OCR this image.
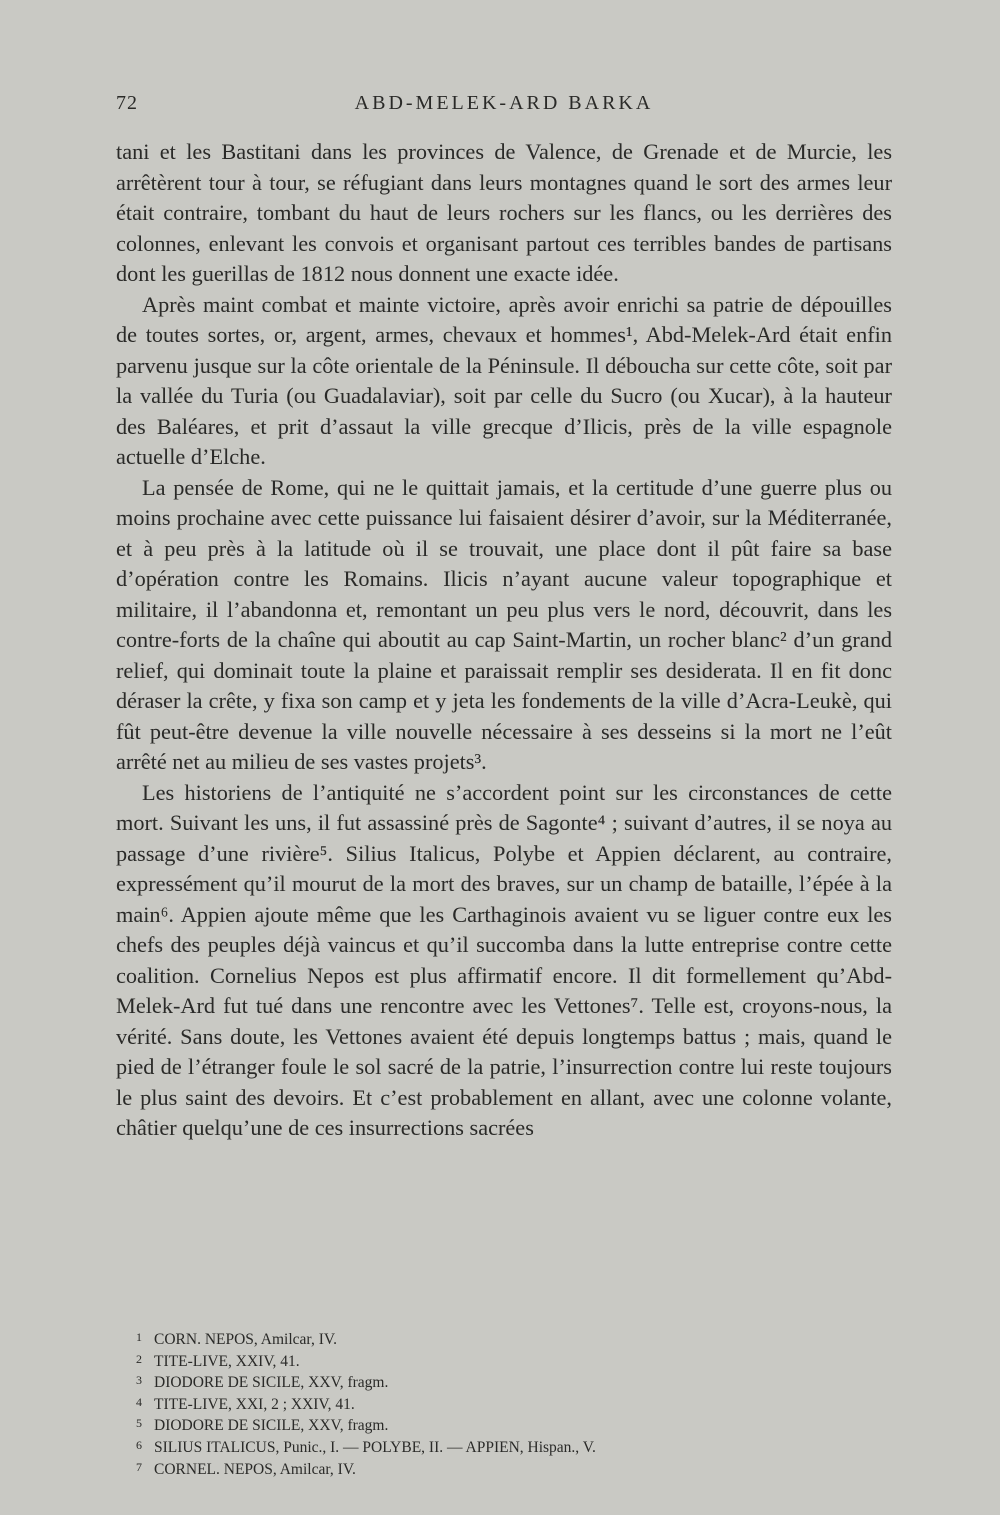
72	ABD-MELEK-ARD BARKA

tani et les Bastitani dans les provinces de Valence, de Grenade et de Murcie, les arrêtèrent tour à tour, se réfugiant dans leurs montagnes quand le sort des armes leur était contraire, tombant du haut de leurs rochers sur les flancs, ou les derrières des colonnes, enlevant les convois et organisant partout ces terribles bandes de partisans dont les guerillas de 1812 nous donnent une exacte idée.

Après maint combat et mainte victoire, après avoir enrichi sa patrie de dépouilles de toutes sortes, or, argent, armes, chevaux et hommes¹, Abd-Melek-Ard était enfin parvenu jusque sur la côte orientale de la Péninsule. Il déboucha sur cette côte, soit par la vallée du Turia (ou Guadalaviar), soit par celle du Sucro (ou Xucar), à la hauteur des Baléares, et prit d’assaut la ville grecque d’Ilicis, près de la ville espagnole actuelle d’Elche.

La pensée de Rome, qui ne le quittait jamais, et la certitude d’une guerre plus ou moins prochaine avec cette puissance lui faisaient désirer d’avoir, sur la Méditerranée, et à peu près à la latitude où il se trouvait, une place dont il pût faire sa base d’opération contre les Romains. Ilicis n’ayant aucune valeur topographique et militaire, il l’abandonna et, remontant un peu plus vers le nord, découvrit, dans les contre-forts de la chaîne qui aboutit au cap Saint-Martin, un rocher blanc² d’un grand relief, qui dominait toute la plaine et paraissait remplir ses desiderata. Il en fit donc déraser la crête, y fixa son camp et y jeta les fondements de la ville d’Acra-Leukè, qui fût peut-être devenue la ville nouvelle nécessaire à ses desseins si la mort ne l’eût arrêté net au milieu de ses vastes projets³.

Les historiens de l’antiquité ne s’accordent point sur les circonstances de cette mort. Suivant les uns, il fut assassiné près de Sagonte⁴ ; suivant d’autres, il se noya au passage d’une rivière⁵. Silius Italicus, Polybe et Appien déclarent, au contraire, expressément qu’il mourut de la mort des braves, sur un champ de bataille, l’épée à la main⁶. Appien ajoute même que les Carthaginois avaient vu se liguer contre eux les chefs des peuples déjà vaincus et qu’il succomba dans la lutte entreprise contre cette coalition. Cornelius Nepos est plus affirmatif encore. Il dit formellement qu’Abd-Melek-Ard fut tué dans une rencontre avec les Vettones⁷. Telle est, croyons-nous, la vérité. Sans doute, les Vettones avaient été depuis longtemps battus ; mais, quand le pied de l’étranger foule le sol sacré de la patrie, l’insurrection contre lui reste toujours le plus saint des devoirs. Et c’est probablement en allant, avec une colonne volante, châtier quelqu’une de ces insurrections sacrées

1 CORN. NEPOS, Amilcar, IV.
2 TITE-LIVE, XXIV, 41.
3 DIODORE DE SICILE, XXV, fragm.
4 TITE-LIVE, XXI, 2 ; XXIV, 41.
5 DIODORE DE SICILE, XXV, fragm.
6 SILIUS ITALICUS, Punic., I. — POLYBE, II. — APPIEN, Hispan., V.
7 CORNEL. NEPOS, Amilcar, IV.
